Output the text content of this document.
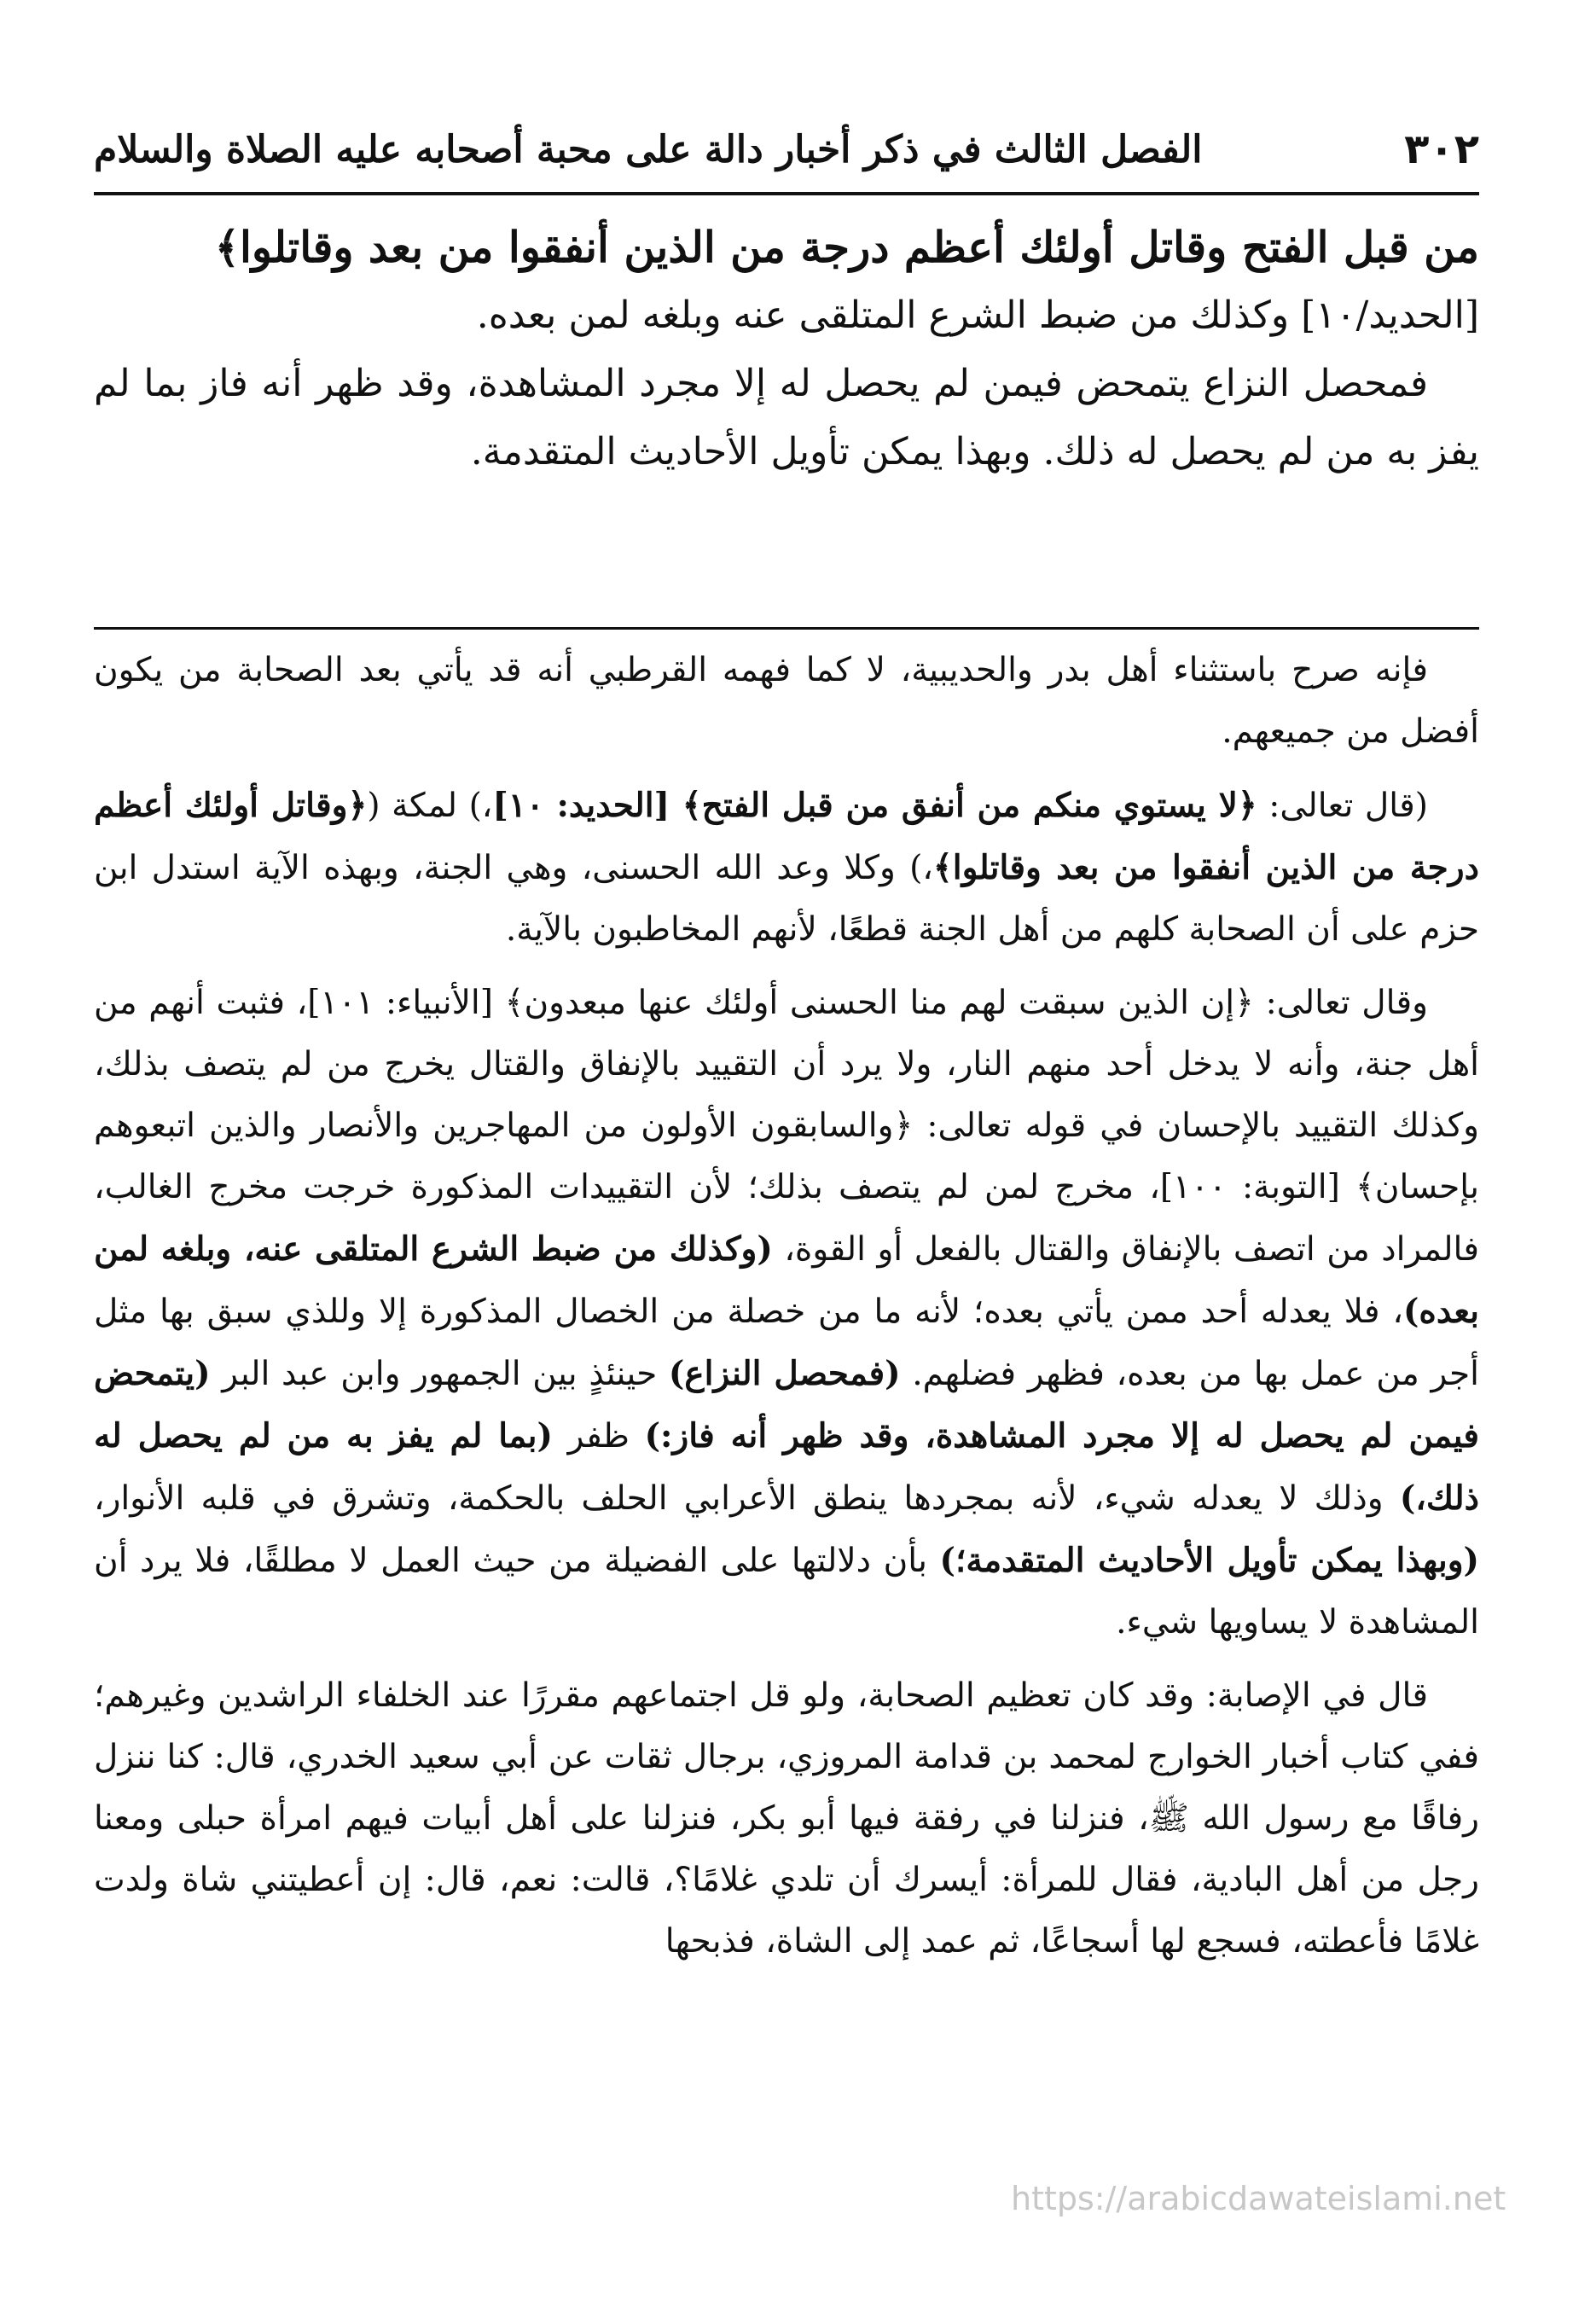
٣٠٢
الفصل الثالث في ذكر أخبار دالة على محبة أصحابه عليه الصلاة والسلام

من قبل الفتح وقاتل أولئك أعظم درجة من الذين أنفقوا من بعد وقاتلوا﴾

[الحديد/١٠] وكذلك من ضبط الشرع المتلقى عنه وبلغه لمن بعده.

فمحصل النزاع يتمحض فيمن لم يحصل له إلا مجرد المشاهدة، وقد ظهر أنه فاز بما لم يفز به من لم يحصل له ذلك. وبهذا يمكن تأويل الأحاديث المتقدمة.

فإنه صرح باستثناء أهل بدر والحديبية، لا كما فهمه القرطبي أنه قد يأتي بعد الصحابة من يكون أفضل من جميعهم.

(قال تعالى: ﴿لا يستوي منكم من أنفق من قبل الفتح﴾ [الحديد: ١٠]،) لمكة (﴿وقاتل أولئك أعظم درجة من الذين أنفقوا من بعد وقاتلوا﴾،) وكلا وعد الله الحسنى، وهي الجنة، وبهذه الآية استدل ابن حزم على أن الصحابة كلهم من أهل الجنة قطعًا، لأنهم المخاطبون بالآية.

وقال تعالى: ﴿إن الذين سبقت لهم منا الحسنى أولئك عنها مبعدون﴾ [الأنبياء: ١٠١]، فثبت أنهم من أهل جنة، وأنه لا يدخل أحد منهم النار، ولا يرد أن التقييد بالإنفاق والقتال يخرج من لم يتصف بذلك، وكذلك التقييد بالإحسان في قوله تعالى: ﴿والسابقون الأولون من المهاجرين والأنصار والذين اتبعوهم بإحسان﴾ [التوبة: ١٠٠]، مخرج لمن لم يتصف بذلك؛ لأن التقييدات المذكورة خرجت مخرج الغالب، فالمراد من اتصف بالإنفاق والقتال بالفعل أو القوة، (وكذلك من ضبط الشرع المتلقى عنه، وبلغه لمن بعده)، فلا يعدله أحد ممن يأتي بعده؛ لأنه ما من خصلة من الخصال المذكورة إلا وللذي سبق بها مثل أجر من عمل بها من بعده، فظهر فضلهم. (فمحصل النزاع) حينئذٍ بين الجمهور وابن عبد البر (يتمحض فيمن لم يحصل له إلا مجرد المشاهدة، وقد ظهر أنه فاز:) ظفر (بما لم يفز به من لم يحصل له ذلك،) وذلك لا يعدله شيء، لأنه بمجردها ينطق الأعرابي الحلف بالحكمة، وتشرق في قلبه الأنوار، (وبهذا يمكن تأويل الأحاديث المتقدمة؛) بأن دلالتها على الفضيلة من حيث العمل لا مطلقًا، فلا يرد أن المشاهدة لا يساويها شيء.

قال في الإصابة: وقد كان تعظيم الصحابة، ولو قل اجتماعهم مقررًا عند الخلفاء الراشدين وغيرهم؛ ففي كتاب أخبار الخوارج لمحمد بن قدامة المروزي، برجال ثقات عن أبي سعيد الخدري، قال: كنا ننزل رفاقًا مع رسول الله ﷺ، فنزلنا في رفقة فيها أبو بكر، فنزلنا على أهل أبيات فيهم امرأة حبلى ومعنا رجل من أهل البادية، فقال للمرأة: أيسرك أن تلدي غلامًا؟، قالت: نعم، قال: إن أعطيتني شاة ولدت غلامًا فأعطته، فسجع لها أسجاعًا، ثم عمد إلى الشاة، فذبحها

https://arabicdawateislami.net
